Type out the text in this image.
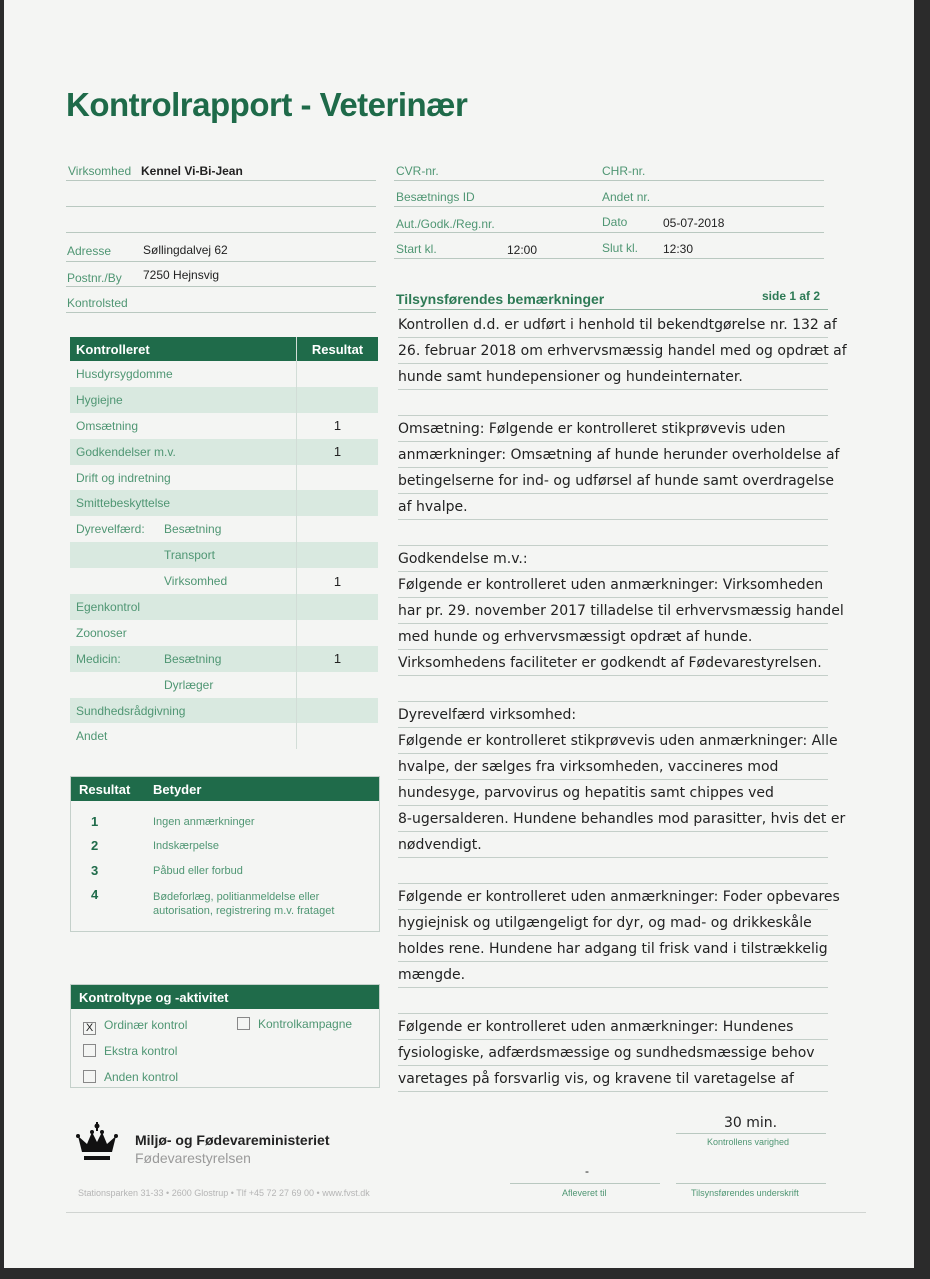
Kontrolrapport - Veterinær
Virksomhed Kennel Vi-Bi-Jean
Adresse	Søllingdalvej 62
Postnr./By 7250 Hejnsvig
Kontrolsted
CVR-nr.	CHR-nr.
Besætnings ID	Andet nr.
Aut./Godk./Reg.nr.	Dato	05-07-2018
Start kl.	12:00	Slut kl. 12:30
Kontrolleret	Resultat
Husdyrsygdomme	
Hygiejne	
Omsætning	1
Godkendelser m.v.	1
Drift og indretning	
Smittebeskyttelse	
Dyrevelfærd: Besætning	
Transport	
Virksomhed	1
Egenkontrol	
Zoonoser	
Medicin: Besætning	1
Dyrlæger	
Sundhedsrådgivning	
Andet	
Resultat Betyder
1	Ingen anmærkninger
2	Indskærpelse
3	Påbud eller forbud
4	Bødeforlæg, politianmeldelse eller
autorisation, registrering m.v. frataget
Kontroltype og -aktivitet
X Ordinær kontrol	Kontrolkampagne
Ekstra kontrol
Anden kontrol
Tilsynsførendes bemærkninger	side 1 af 2
Kontrollen d.d. er udført i henhold til bekendtgørelse nr. 132 af
26. februar 2018 om erhvervsmæssig handel med og opdræt af
hunde samt hundepensioner og hundeinternater.
Omsætning: Følgende er kontrolleret stikprøvevis uden
anmærkninger: Omsætning af hunde herunder overholdelse af
betingelserne for ind- og udførsel af hunde samt overdragelse
af hvalpe.
Godkendelse m.v.:
Følgende er kontrolleret uden anmærkninger: Virksomheden
har pr. 29. november 2017 tilladelse til erhvervsmæssig handel
med hunde og erhvervsmæssigt opdræt af hunde.
Virksomhedens faciliteter er godkendt af Fødevarestyrelsen.
Dyrevelfærd virksomhed:
Følgende er kontrolleret stikprøvevis uden anmærkninger: Alle
hvalpe, der sælges fra virksomheden, vaccineres mod
hundesyge, parvovirus og hepatitis samt chippes ved
8-ugersalderen. Hundene behandles mod parasitter, hvis det er
nødvendigt.
Følgende er kontrolleret uden anmærkninger: Foder opbevares
hygiejnisk og utilgængeligt for dyr, og mad- og drikkeskåle
holdes rene. Hundene har adgang til frisk vand i tilstrækkelig
mængde.
Følgende er kontrolleret uden anmærkninger: Hundenes
fysiologiske, adfærdsmæssige og sundhedsmæssige behov
varetages på forsvarlig vis, og kravene til varetagelse af
Miljø- og Fødevareministeriet
Fødevarestyrelsen
Stationsparken 31-33 • 2600 Glostrup • Tlf +45 72 27 69 00 • www.fvst.dk
30 min.
Kontrollens varighed
-
Afleveret til	Tilsynsførendes underskrift
